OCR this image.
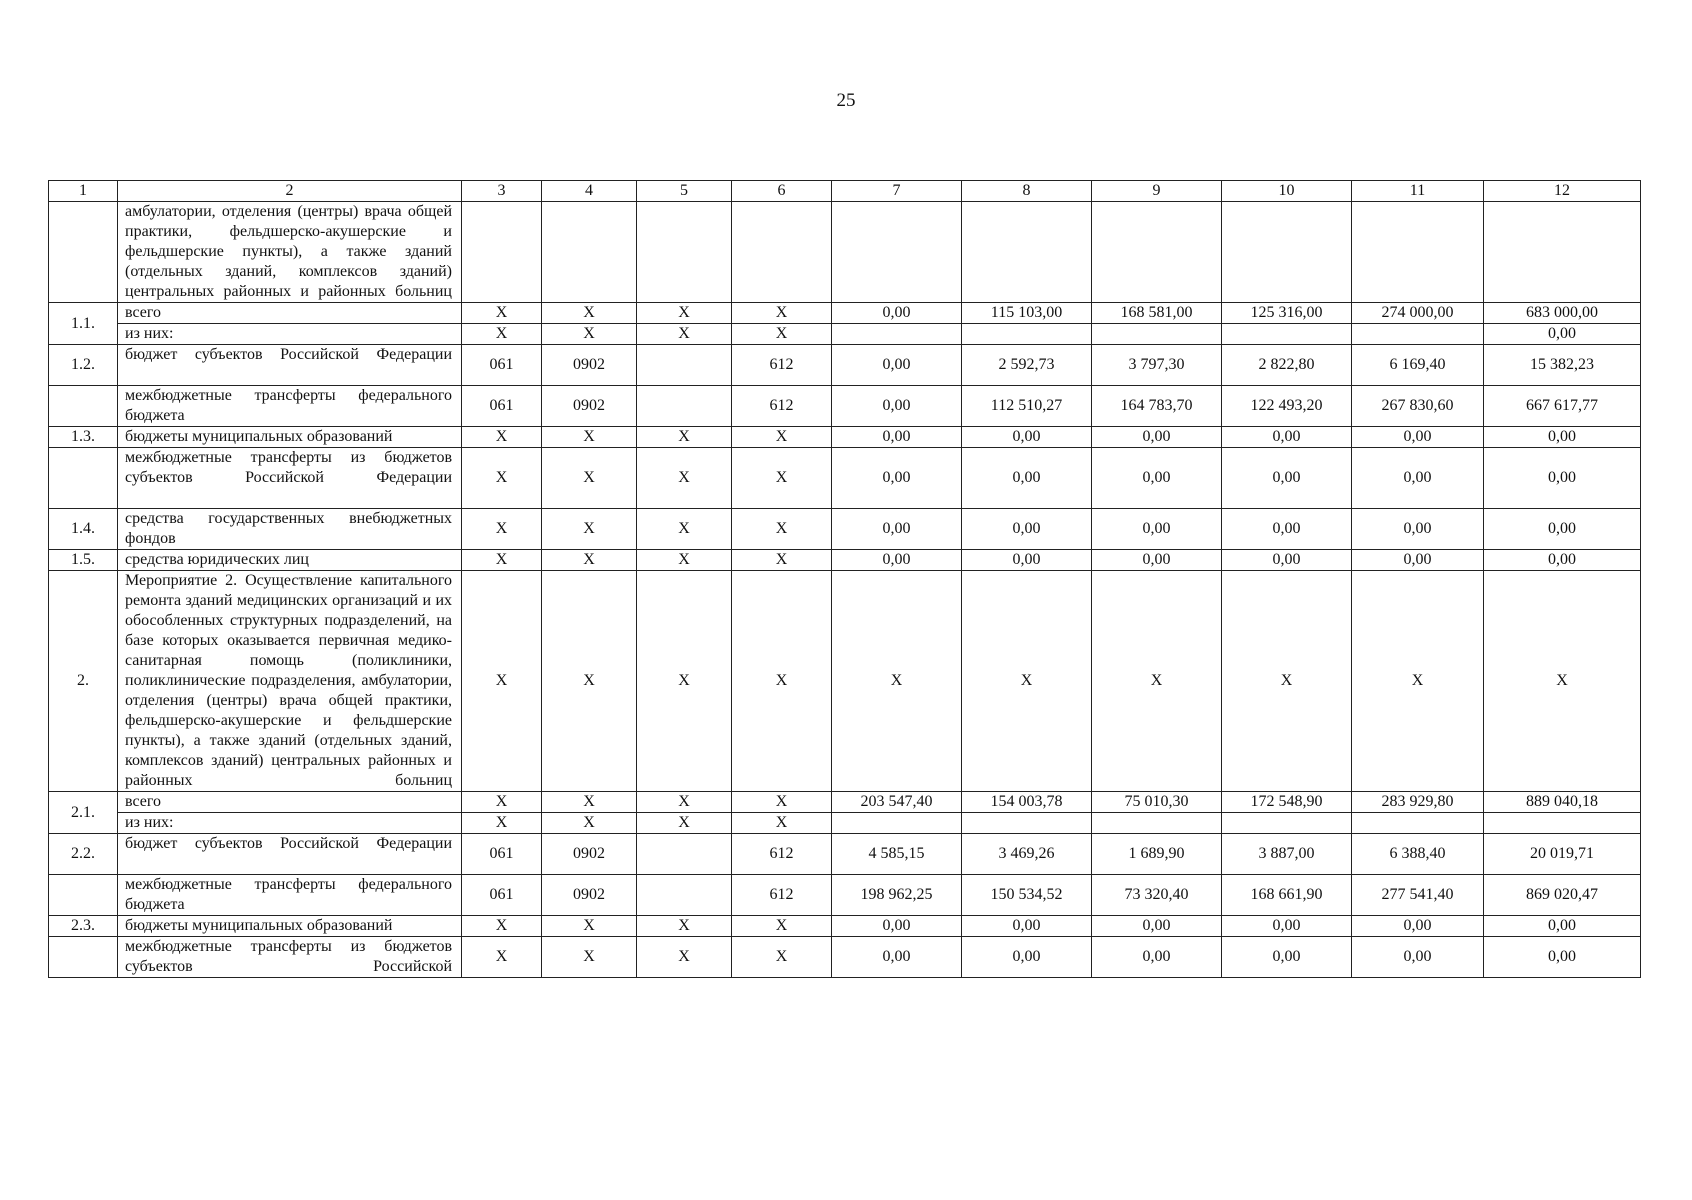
25
1	2	3	4	5	6	7	8	9	10	11	12
	амбулатории, отделения (центры) врача общей практики, фельдшерско-акушерские и фельдшерские пункты), а также зданий (отдельных зданий, комплексов зданий) центральных районных и районных больниц										
1.1.	всего	Х	Х	Х	Х	0,00	115 103,00	168 581,00	125 316,00	274 000,00	683 000,00
	из них:	Х	Х	Х	Х						0,00
1.2.	бюджет субъектов Российской Федерации	061	0902		612	0,00	2 592,73	3 797,30	2 822,80	6 169,40	15 382,23
	межбюджетные трансферты федерального бюджета	061	0902		612	0,00	112 510,27	164 783,70	122 493,20	267 830,60	667 617,77
1.3.	бюджеты муниципальных образований	Х	Х	Х	Х	0,00	0,00	0,00	0,00	0,00	0,00
	межбюджетные трансферты из бюджетов субъектов Российской Федерации	Х	Х	Х	Х	0,00	0,00	0,00	0,00	0,00	0,00
1.4.	средства государственных внебюджетных фондов	Х	Х	Х	Х	0,00	0,00	0,00	0,00	0,00	0,00
1.5.	средства юридических лиц	Х	Х	Х	Х	0,00	0,00	0,00	0,00	0,00	0,00
2.	Мероприятие 2. Осуществление капитального ремонта зданий медицинских организаций и их обособленных структурных подразделений, на базе которых оказывается первичная медико-санитарная помощь (поликлиники, поликлинические подразделения, амбулатории, отделения (центры) врача общей практики, фельдшерско-акушерские и фельдшерские пункты), а также зданий (отдельных зданий, комплексов зданий) центральных районных и районных больниц	Х	Х	Х	Х	Х	Х	Х	Х	Х	Х
2.1.	всего	Х	Х	Х	Х	203 547,40	154 003,78	75 010,30	172 548,90	283 929,80	889 040,18
	из них:	Х	Х	Х	Х						
2.2.	бюджет субъектов Российской Федерации	061	0902		612	4 585,15	3 469,26	1 689,90	3 887,00	6 388,40	20 019,71
	межбюджетные трансферты федерального бюджета	061	0902		612	198 962,25	150 534,52	73 320,40	168 661,90	277 541,40	869 020,47
2.3.	бюджеты муниципальных образований	Х	Х	Х	Х	0,00	0,00	0,00	0,00	0,00	0,00
	межбюджетные трансферты из бюджетов субъектов Российской	Х	Х	Х	Х	0,00	0,00	0,00	0,00	0,00	0,00
